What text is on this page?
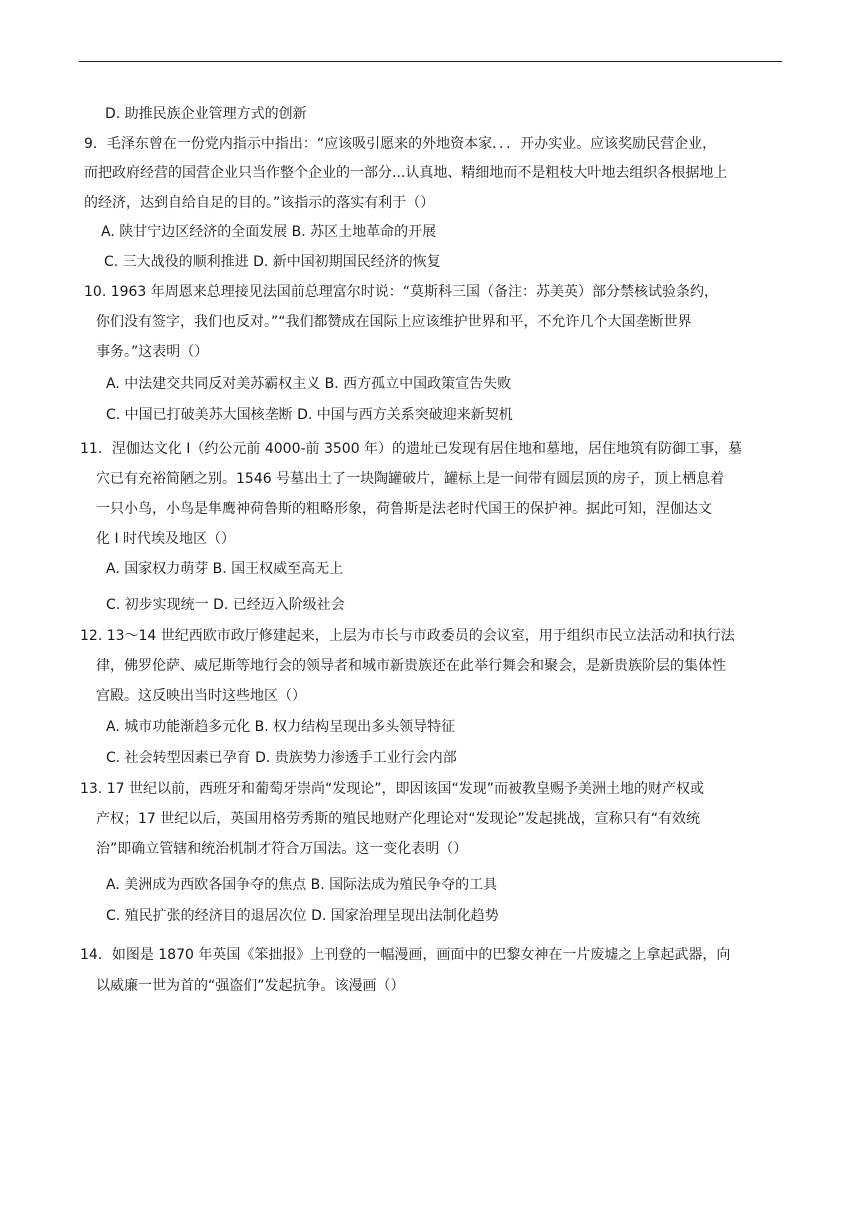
D. 助推民族企业管理方式的创新
9．毛泽东曾在一份党内指示中指出：“应该吸引愿来的外地资本家．．．开办实业。应该奖励民营企业，
而把政府经营的国营企业只当作整个企业的一部分...认真地、精细地而不是粗枝大叶地去组织各根据地上
的经济，达到自给自足的目的。”该指示的落实有利于（）
A. 陕甘宁边区经济的全面发展 B. 苏区土地革命的开展
C. 三大战役的顺利推进 D. 新中国初期国民经济的恢复
10. 1963 年周恩来总理接见法国前总理富尔时说：“莫斯科三国（备注：苏美英）部分禁核试验条约，
你们没有签字，我们也反对。”“我们都赞成在国际上应该维护世界和平，不允许几个大国垄断世界
事务。”这表明（）
A. 中法建交共同反对美苏霸权主义 B. 西方孤立中国政策宣告失败
C. 中国已打破美苏大国核垄断 D. 中国与西方关系突破迎来新契机
11．涅伽达文化 I（约公元前 4000-前 3500 年）的遗址已发现有居住地和墓地，居住地筑有防御工事，墓
穴已有充裕简陋之别。1546 号墓出土了一块陶罐破片，罐标上是一间带有圆层顶的房子，顶上栖息着
一只小鸟，小鸟是隼鹰神荷鲁斯的粗略形象，荷鲁斯是法老时代国王的保护神。据此可知，涅伽达文
化 I 时代埃及地区（）
A. 国家权力萌芽 B. 国王权威至高无上
C. 初步实现统一 D. 已经迈入阶级社会
12. 13～14 世纪西欧市政厅修建起来，上层为市长与市政委员的会议室，用于组织市民立法活动和执行法
律，佛罗伦萨、威尼斯等地行会的领导者和城市新贵族还在此举行舞会和聚会，是新贵族阶层的集体性
宫殿。这反映出当时这些地区（）
A. 城市功能渐趋多元化 B. 权力结构呈现出多头领导特征
C. 社会转型因素已孕育 D. 贵族势力渗透手工业行会内部
13. 17 世纪以前，西班牙和葡萄牙崇尚“发现论”，即因该国“发现”而被教皇赐予美洲土地的财产权或
产权；17 世纪以后，英国用格劳秀斯的殖民地财产化理论对“发现论”发起挑战，宣称只有“有效统
治”即确立管辖和统治机制才符合万国法。这一变化表明（）
A. 美洲成为西欧各国争夺的焦点 B. 国际法成为殖民争夺的工具
C. 殖民扩张的经济目的退居次位 D. 国家治理呈现出法制化趋势
14．如图是 1870 年英国《笨拙报》上刊登的一幅漫画，画面中的巴黎女神在一片废墟之上拿起武器，向
以威廉一世为首的“强盗们”发起抗争。该漫画（）
